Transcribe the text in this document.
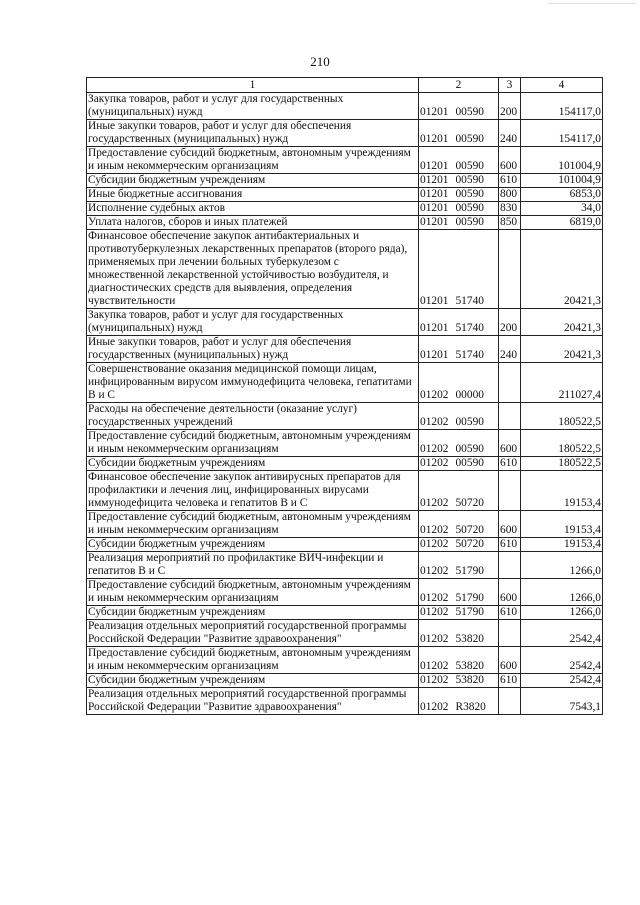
210
1	2	3	4
Закупка товаров, работ и услуг для государственных (муниципальных) нужд	01201 00590	200	154117,0
Иные закупки товаров, работ и услуг для обеспечения государственных (муниципальных) нужд	01201 00590	240	154117,0
Предоставление субсидий бюджетным, автономным учреждениям и иным некоммерческим организациям	01201 00590	600	101004,9
Субсидии бюджетным учреждениям	01201 00590	610	101004,9
Иные бюджетные ассигнования	01201 00590	800	6853,0
Исполнение судебных актов	01201 00590	830	34,0
Уплата налогов, сборов и иных платежей	01201 00590	850	6819,0
Финансовое обеспечение закупок антибактериальных и противотуберкулезных лекарственных препаратов (второго ряда), применяемых при лечении больных туберкулезом с множественной лекарственной устойчивостью возбудителя, и диагностических средств для выявления, определения чувствительности	01201 51740		20421,3
Закупка товаров, работ и услуг для государственных (муниципальных) нужд	01201 51740	200	20421,3
Иные закупки товаров, работ и услуг для обеспечения государственных (муниципальных) нужд	01201 51740	240	20421,3
Совершенствование оказания медицинской помощи лицам, инфицированным вирусом иммунодефицита человека, гепатитами В и С	01202 00000		211027,4
Расходы на обеспечение деятельности (оказание услуг) государственных учреждений	01202 00590		180522,5
Предоставление субсидий бюджетным, автономным учреждениям и иным некоммерческим организациям	01202 00590	600	180522,5
Субсидии бюджетным учреждениям	01202 00590	610	180522,5
Финансовое обеспечение закупок антивирусных препаратов для профилактики и лечения лиц, инфицированных вирусами иммунодефицита человека и гепатитов В и С	01202 50720		19153,4
Предоставление субсидий бюджетным, автономным учреждениям и иным некоммерческим организациям	01202 50720	600	19153,4
Субсидии бюджетным учреждениям	01202 50720	610	19153,4
Реализация мероприятий по профилактике ВИЧ-инфекции и гепатитов В и С	01202 51790		1266,0
Предоставление субсидий бюджетным, автономным учреждениям и иным некоммерческим организациям	01202 51790	600	1266,0
Субсидии бюджетным учреждениям	01202 51790	610	1266,0
Реализация отдельных мероприятий государственной программы Российской Федерации "Развитие здравоохранения"	01202 53820		2542,4
Предоставление субсидий бюджетным, автономным учреждениям и иным некоммерческим организациям	01202 53820	600	2542,4
Субсидии бюджетным учреждениям	01202 53820	610	2542,4
Реализация отдельных мероприятий государственной программы Российской Федерации "Развитие здравоохранения"	01202 R3820		7543,1
